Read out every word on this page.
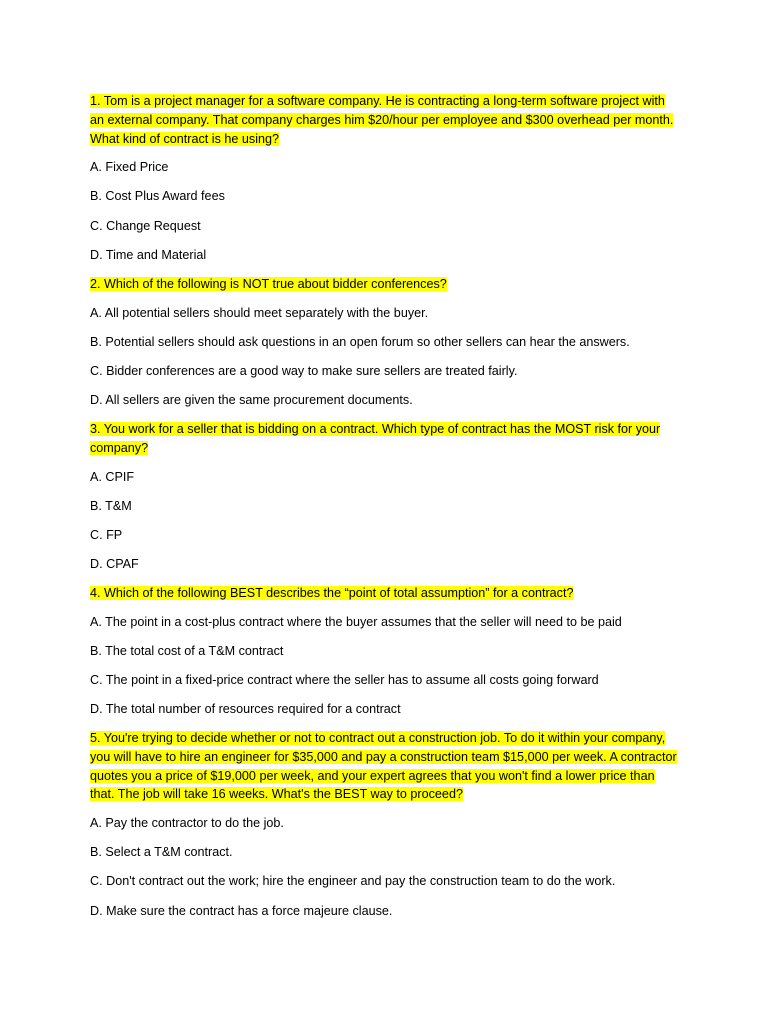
1. Tom is a project manager for a software company. He is contracting a long-term software project with an external company. That company charges him $20/hour per employee and $300 overhead per month. What kind of contract is he using?

A. Fixed Price
B. Cost Plus Award fees
C. Change Request
D. Time and Material

2. Which of the following is NOT true about bidder conferences?

A. All potential sellers should meet separately with the buyer.
B. Potential sellers should ask questions in an open forum so other sellers can hear the answers.
C. Bidder conferences are a good way to make sure sellers are treated fairly.
D. All sellers are given the same procurement documents.

3. You work for a seller that is bidding on a contract. Which type of contract has the MOST risk for your company?

A. CPIF
B. T&M
C. FP
D. CPAF

4. Which of the following BEST describes the “point of total assumption” for a contract?

A. The point in a cost-plus contract where the buyer assumes that the seller will need to be paid
B. The total cost of a T&M contract
C. The point in a fixed-price contract where the seller has to assume all costs going forward
D. The total number of resources required for a contract

5. You're trying to decide whether or not to contract out a construction job. To do it within your company, you will have to hire an engineer for $35,000 and pay a construction team $15,000 per week. A contractor quotes you a price of $19,000 per week, and your expert agrees that you won't find a lower price than that. The job will take 16 weeks. What's the BEST way to proceed?

A. Pay the contractor to do the job.
B. Select a T&M contract.
C. Don't contract out the work; hire the engineer and pay the construction team to do the work.
D. Make sure the contract has a force majeure clause.
